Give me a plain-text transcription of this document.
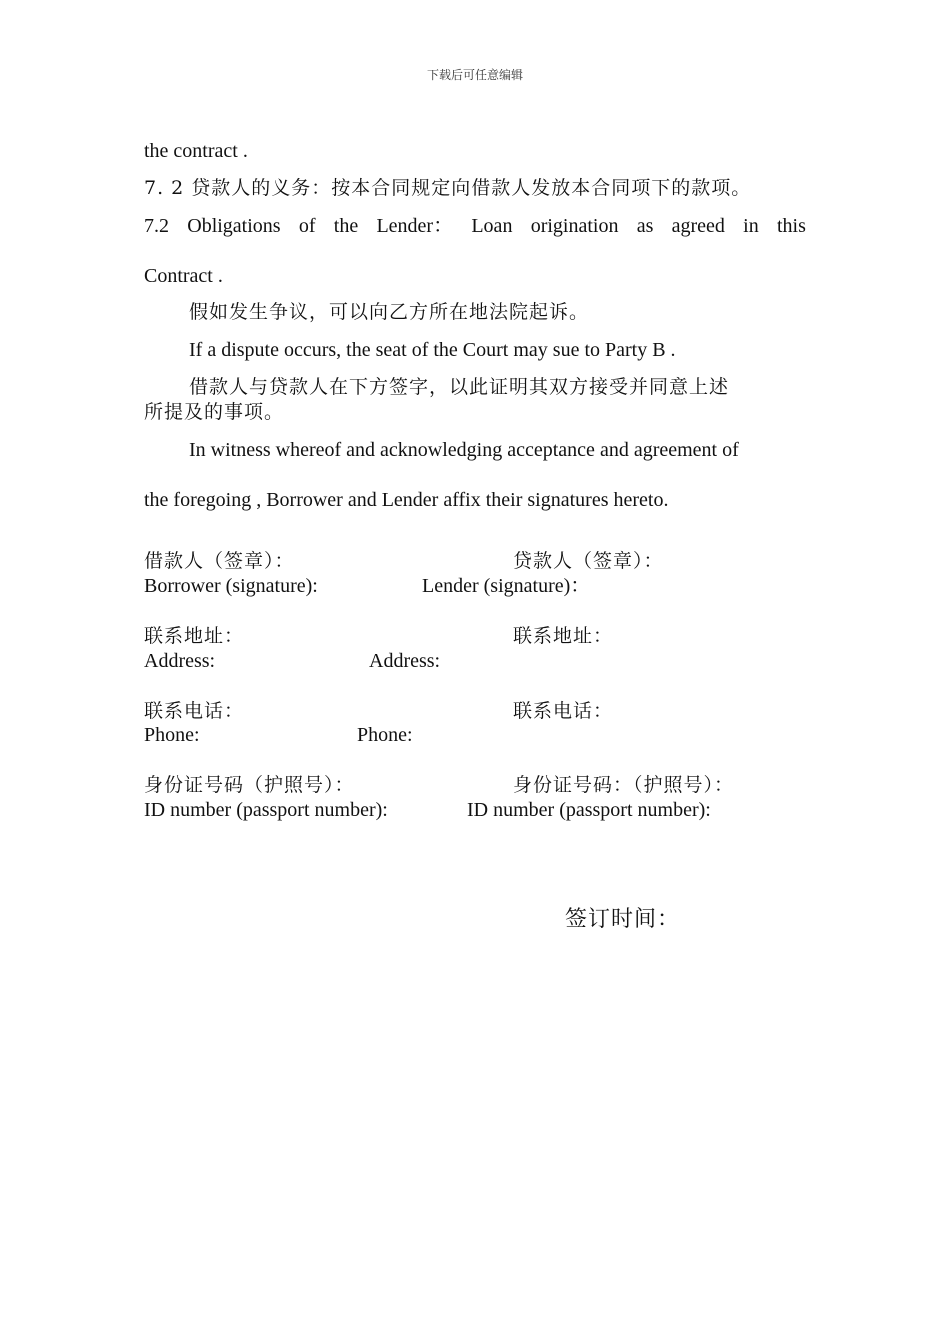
下载后可任意编辑
the contract .
7. 2 贷款人的义务：按本合同规定向借款人发放本合同项下的款项。
7.2 Obligations of the Lender： Loan origination as agreed in this
Contract .
假如发生争议，可以向乙方所在地法院起诉。
If a dispute occurs, the seat of the Court may sue to Party B .
借款人与贷款人在下方签字，以此证明其双方接受并同意上述
所提及的事项。
In witness whereof and acknowledging acceptance and agreement of
the foregoing , Borrower and Lender affix their signatures hereto.
借款人（签章）：	贷款人（签章）：
Borrower (signature):	Lender (signature)：
联系地址：	联系地址：
Address:	Address:
联系电话：	联系电话：
Phone:	Phone:
身份证号码（护照号）：	身份证号码：（护照号）：
ID number (passport number):	ID number (passport number):
签订时间：
